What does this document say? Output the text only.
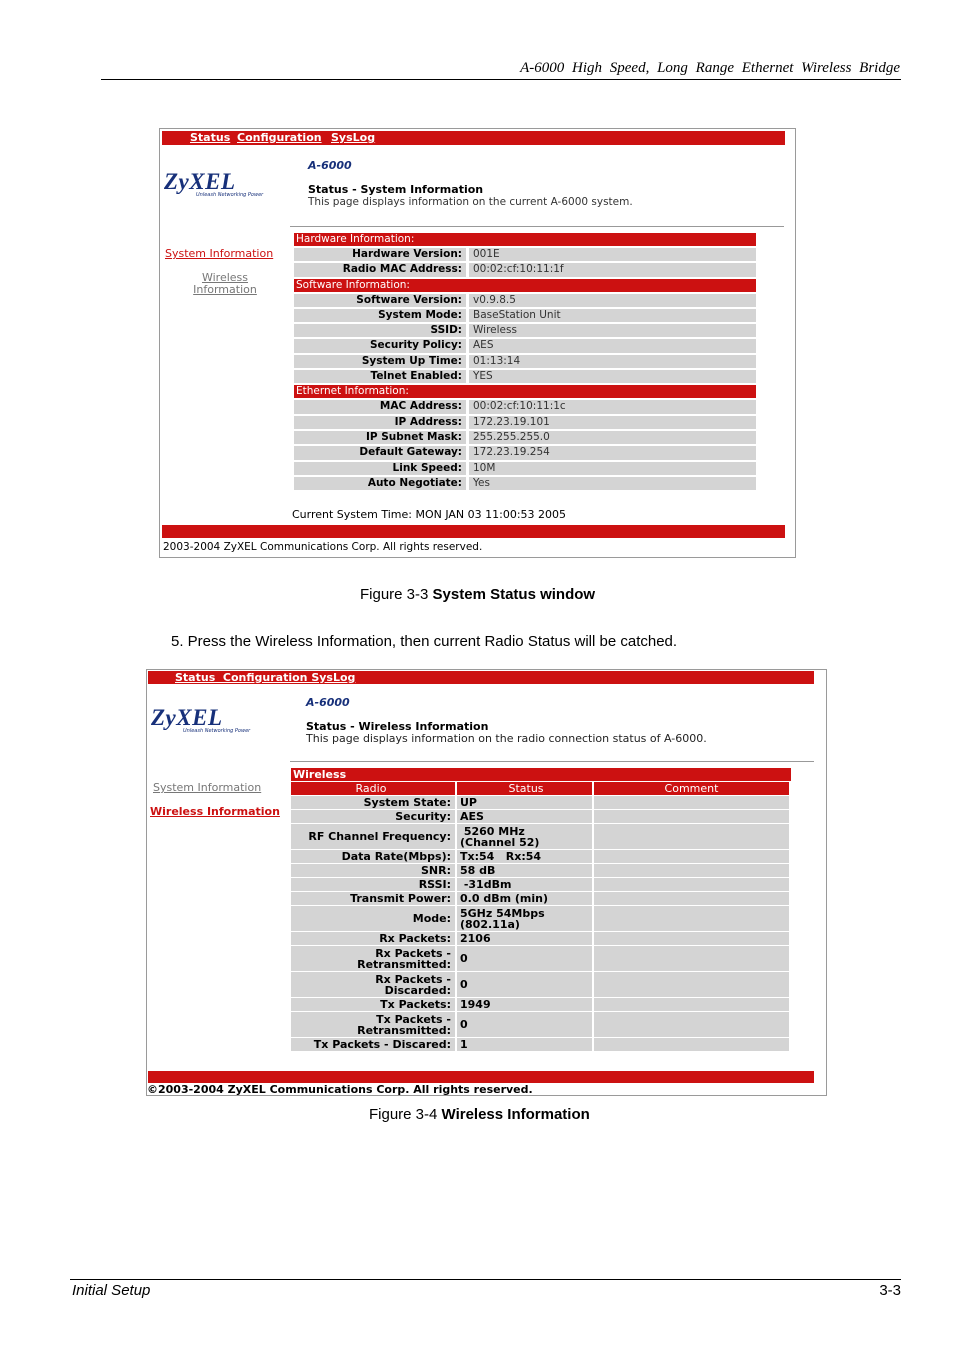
A-6000 High Speed, Long Range Ethernet Wireless Bridge
Status Configuration SysLog
ZyXEL
Unleash Networking Power
A-6000
Status - System Information
This page displays information on the current A-6000 system.
System Information
Wireless
Information
Hardware Information:
Hardware Version:	001E
Radio MAC Address:	00:02:cf:10:11:1f
Software Information:
Software Version:	v0.9.8.5
System Mode:	BaseStation Unit
SSID:	Wireless
Security Policy:	AES
System Up Time:	01:13:14
Telnet Enabled:	YES
Ethernet Information:
MAC Address:	00:02:cf:10:11:1c
IP Address:	172.23.19.101
IP Subnet Mask:	255.255.255.0
Default Gateway:	172.23.19.254
Link Speed:	10M
Auto Negotiate:	Yes
Current System Time: MON JAN 03 11:00:53 2005
2003-2004 ZyXEL Communications Corp. All rights reserved.
Figure 3-3 System Status window
5. Press the Wireless Information, then current Radio Status will be catched.
Status  Configuration SysLog
ZyXEL
Unleash Networking Power
A-6000
Status - Wireless Information
This page displays information on the radio connection status of A-6000.
System Information
Wireless Information
Wireless
Radio	Status	Comment
System State: UP
Security: AES
RF Channel Frequency:	5260 MHz
(Channel 52)
Data Rate(Mbps): Tx:54   Rx:54
SNR: 58 dB
RSSI: -31dBm
Transmit Power: 0.0 dBm (min)
Mode: 5GHz 54Mbps
(802.11a)
Rx Packets: 2106
Rx Packets -
Retransmitted: 0
Rx Packets -
Discarded: 0
Tx Packets: 1949
Tx Packets -
Retransmitted: 0
Tx Packets - Discared: 1
©2003-2004 ZyXEL Communications Corp. All rights reserved.
Figure 3-4 Wireless Information
Initial Setup	3-3
